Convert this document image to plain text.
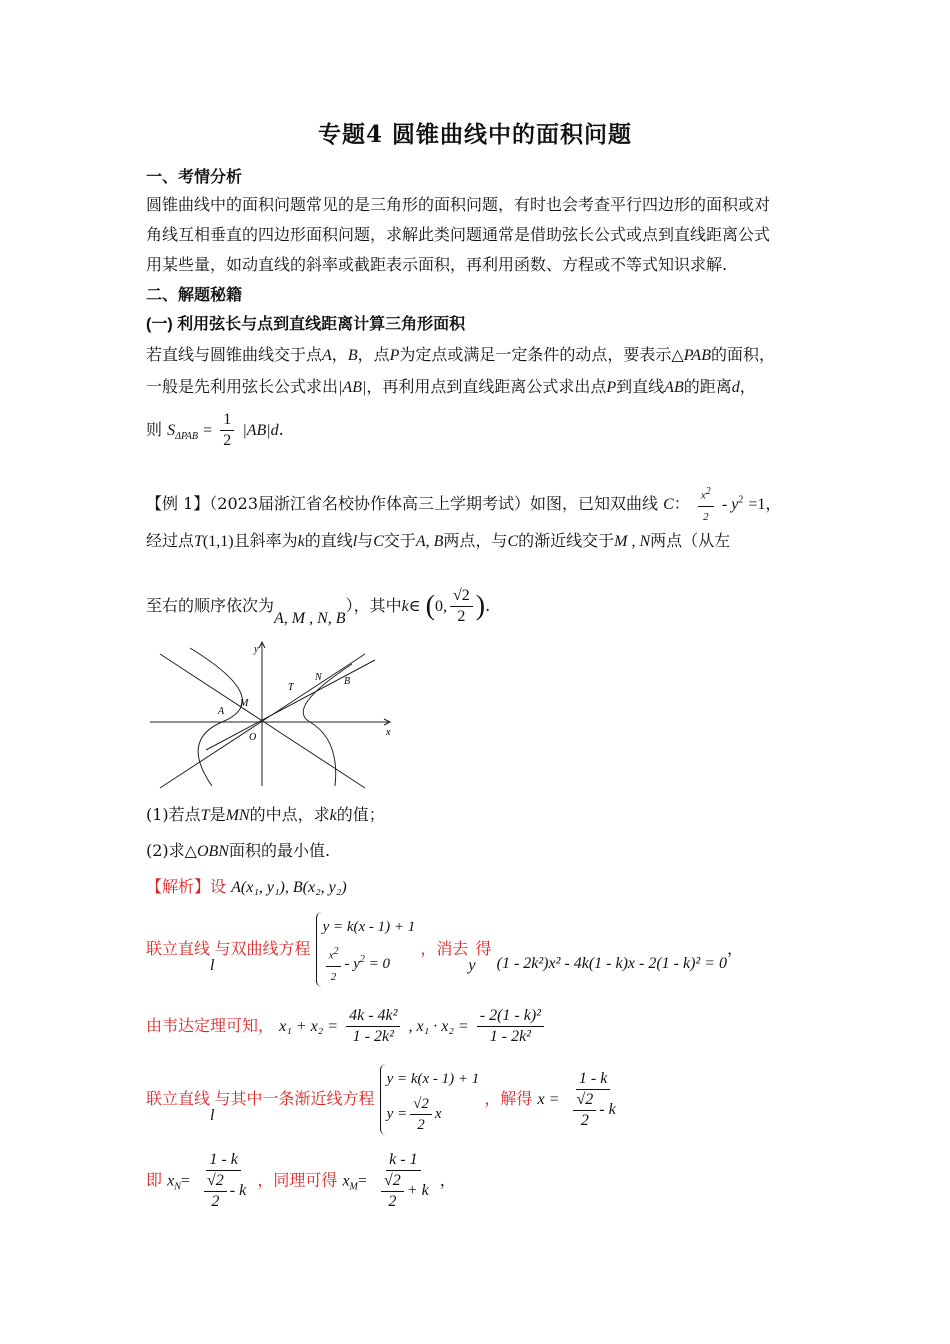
专题4 圆锥曲线中的面积问题
一、考情分析
圆锥曲线中的面积问题常见的是三角形的面积问题，有时也会考查平行四边形的面积或对
角线互相垂直的四边形面积问题，求解此类问题通常是借助弦长公式或点到直线距离公式
用某些量，如动直线的斜率或截距表示面积，再利用函数、方程或不等式知识求解.
二、解题秘籍
(一) 利用弦长与点到直线距离计算三角形面积
若直线与圆锥曲线交于点A，B，点P为定点或满足一定条件的动点，要表示△PAB的面积，
一般是先利用弦长公式求出|AB|，再利用点到直线距离公式求出点P到直线AB的距离d，
则 $S_{\Delta PAB} = \frac{1}{2} |AB|d$.
【例 1】（2023届浙江省名校协作体高三上学期考试）如图，已知双曲线 C： $\frac{x^2}{2} - y^2 =1$，
经过点T(1,1)且斜率为k的直线l与C交于A, B两点，与C的渐近线交于M , N两点（从左
至右的顺序依次为A, M , N, B），其中k∈ (0, $\frac{√2}{2}$ ).
y
x
O
A
M
T
N B
(1)若点T是MN的中点，求k的值；
(2)求△OBN面积的最小值.
【解析】设 A(x₁, y₁), B(x₂, y₂)
联立直线l与双曲线方程
y = k(x - 1) + 1
$\frac{x^2}{2} - y^2 = 0$
，消去y得 (1 - 2k²)x² - 4k(1 - k)x - 2(1 - k)² = 0，
由韦达定理可知， $x_1 + x_2 = \frac{\text{4k - 4k²}}{\text{1 - 2k²}}$ , $x_1 \cdot x_2 = \frac{\text{- 2(1 - k)²}}{\text{1 - 2k²}}$
联立直线l与其中一条渐近线方程
y = k(x - 1) + 1
$y = \frac{√2}{2}$ x
，解得 $x = \frac{1 - k}{\frac{√2}{2} - k}$
即 $x_N= \frac{1 - k}{\frac{√2}{2} - k}$ ，同理可得 $x_M= \frac{k - 1}{\frac{√2}{2} + k}$ ，
